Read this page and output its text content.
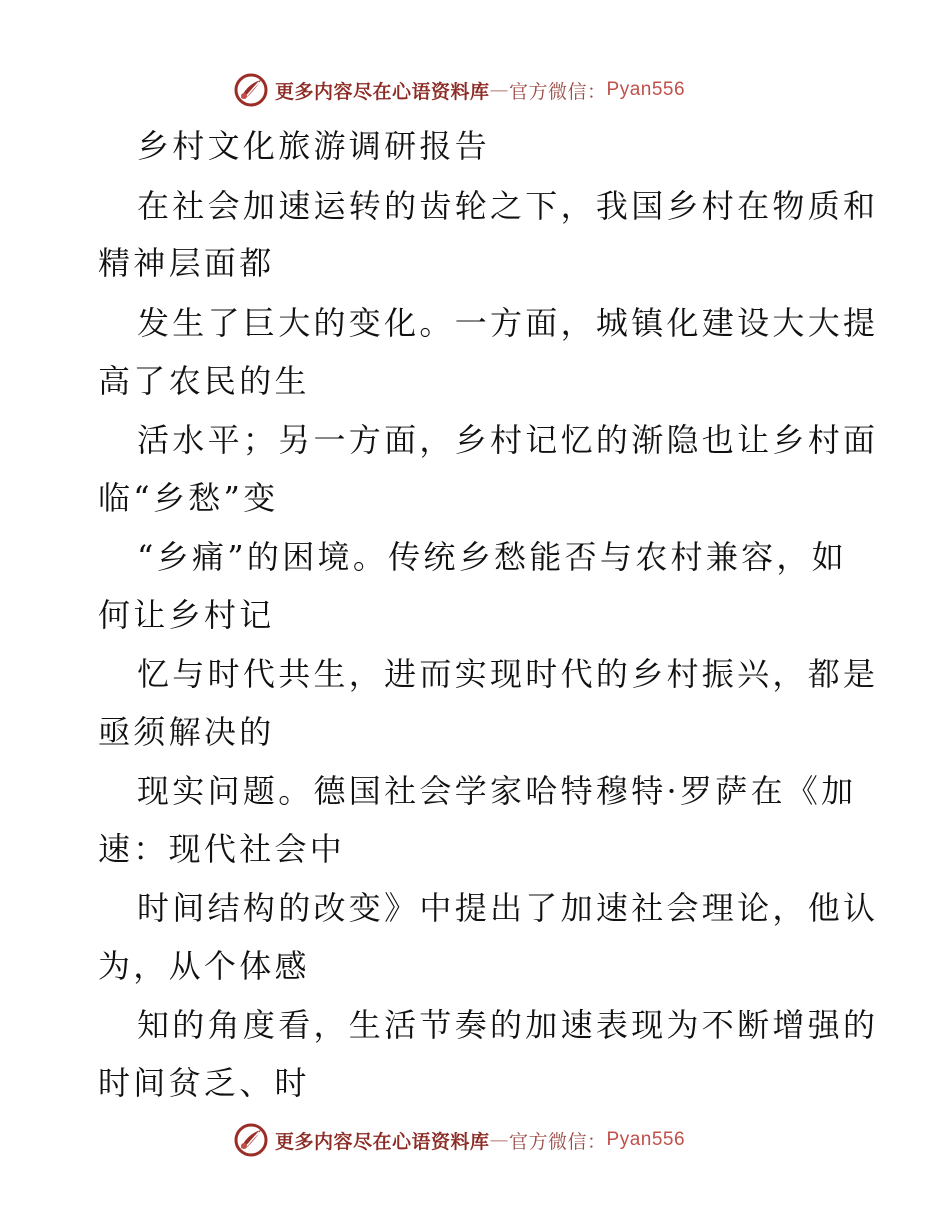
更多内容尽在心语资料库 — 官方微信： Pyan556
乡村文化旅游调研报告
在社会加速运转的齿轮之下，我国乡村在物质和
精神层面都
发生了巨大的变化。一方面，城镇化建设大大提
高了农民的生
活水平；另一方面，乡村记忆的渐隐也让乡村面
临“乡愁”变
“乡痛”的困境。传统乡愁能否与农村兼容，如
何让乡村记
忆与时代共生，进而实现时代的乡村振兴，都是
亟须解决的
现实问题。德国社会学家哈特穆特·罗萨在《加
速：现代社会中
时间结构的改变》中提出了加速社会理论，他认
为，从个体感
知的角度看，生活节奏的加速表现为不断增强的
时间贫乏、时
更多内容尽在心语资料库 — 官方微信： Pyan556
